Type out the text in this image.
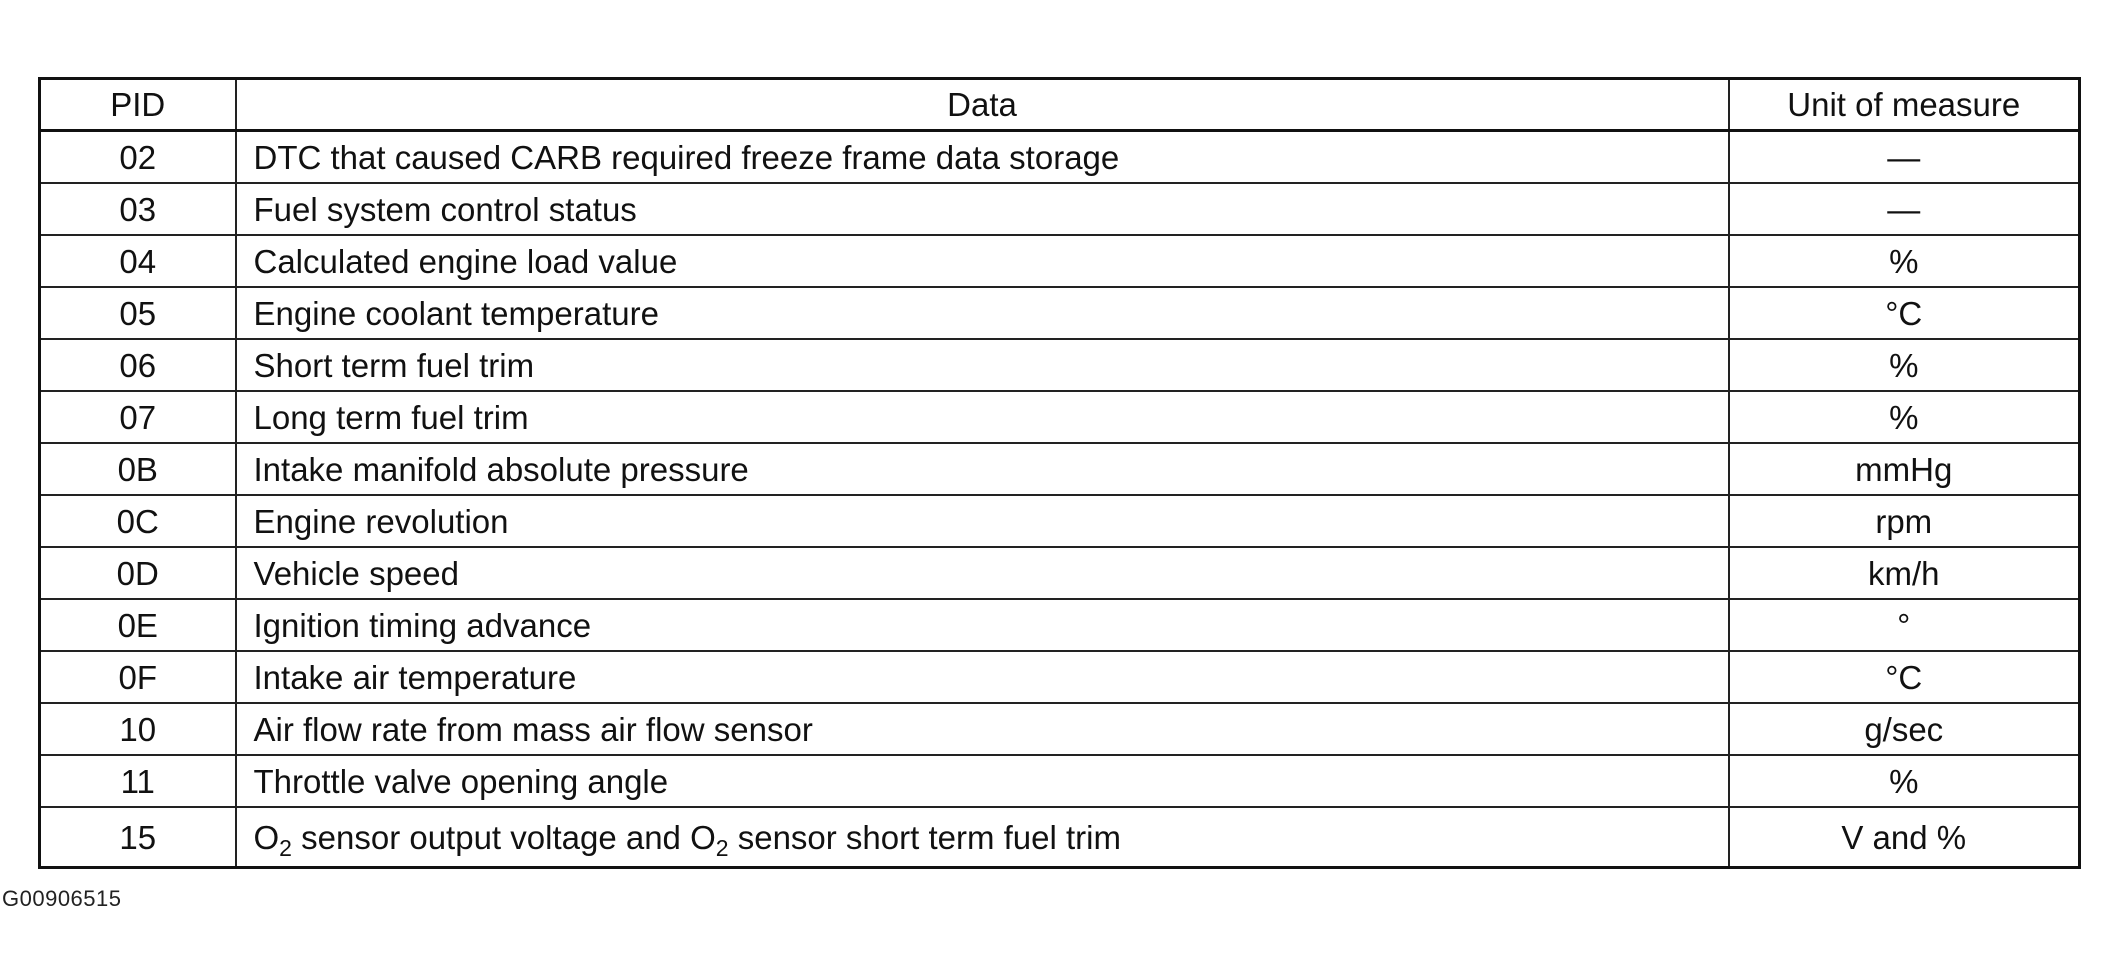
PID	Data	Unit of measure
02	DTC that caused CARB required freeze frame data storage	—
03	Fuel system control status	—
04	Calculated engine load value	%
05	Engine coolant temperature	°C
06	Short term fuel trim	%
07	Long term fuel trim	%
0B	Intake manifold absolute pressure	mmHg
0C	Engine revolution	rpm
0D	Vehicle speed	km/h
0E	Ignition timing advance	°
0F	Intake air temperature	°C
10	Air flow rate from mass air flow sensor	g/sec
11	Throttle valve opening angle	%
15	$O_2$ sensor output voltage and $O_2$ sensor short term fuel trim	V and %
G00906515
